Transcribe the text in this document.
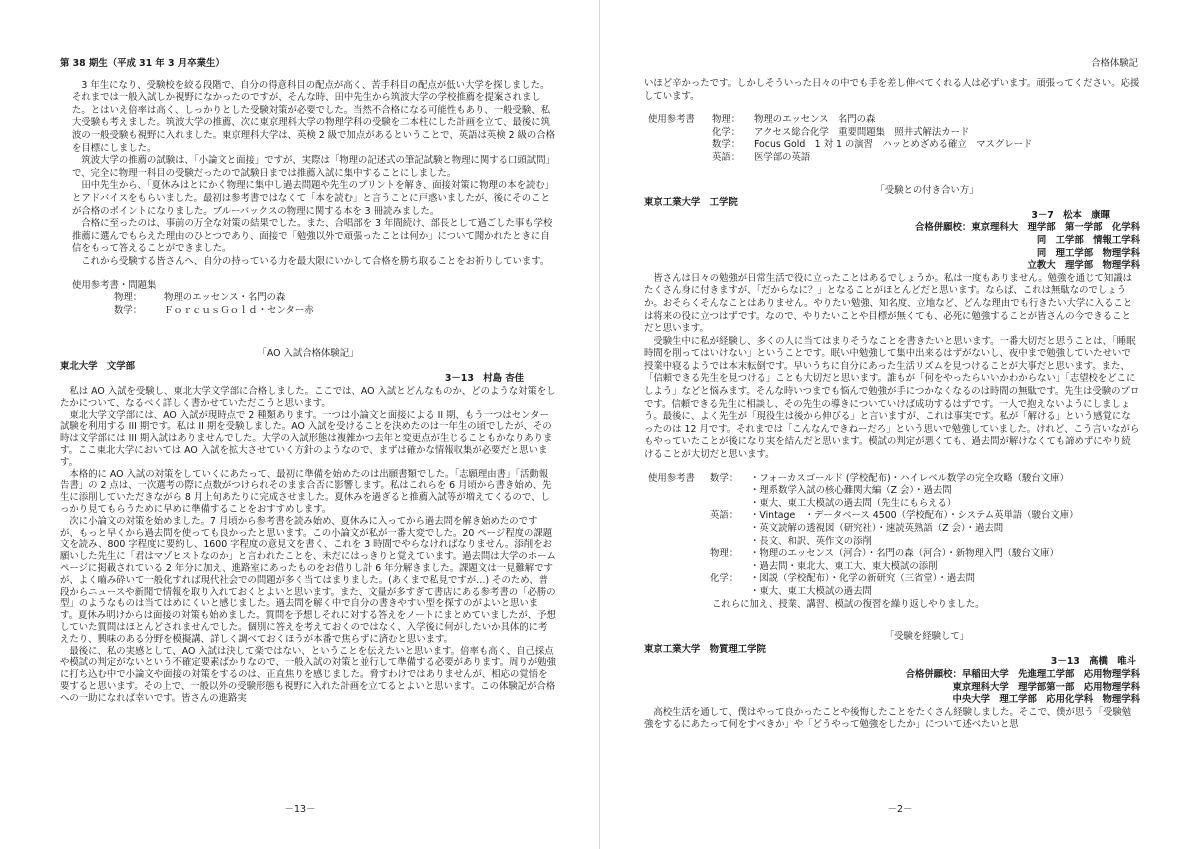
第 38 期生（平成 31 年 3 月卒業生）

3 年生になり、受験校を絞る段階で、自分の得意科目の配点が高く、苦手科目の配点が低い大学を探しました。それまでは一般入試しか視野になかったのですが、そんな時、田中先生から筑波大学の学校推薦を提案されました。とはいえ倍率は高く、しっかりとした受験対策が必要でした。当然不合格になる可能性もあり、一般受験、私大受験も考えました。筑波大学の推薦、次に東京理科大学の物理学科の受験を二本柱にした計画を立て、最後に筑波の一般受験も視野に入れました。東京理科大学は、英検 2 級で加点があるということで、英語は英検 2 級の合格を目標にしました。

筑波大学の推薦の試験は、「小論文と面接」ですが、実際は「物理の記述式の筆記試験と物理に関する口頭試問」で、完全に物理一科目の受験だったので試験日までは推薦入試に集中することにしました。

田中先生から、「夏休みはとにかく物理に集中し過去問題や先生のプリントを解き、面接対策に物理の本を読む」とアドバイスをもらいました。最初は参考書ではなくて「本を読む」と言うことに戸惑いましたが、後にそのことが合格のポイントになりました。ブルーバックスの物理に関する本を 3 冊読みました。

合格に至ったのは、事前の万全な対策の結果でした。また、合唱部を 3 年間続け、部長として過ごした事も学校推薦に選んでもらえた理由のひとつであり、面接で「勉強以外で頑張ったことは何か」について聞かれたときに自信をもって答えることができました。

これから受験する皆さんへ、自分の持っている力を最大限にいかして合格を勝ち取ることをお祈りしています。

使用参考書・問題集

物理：	物理のエッセンス・名門の森
数学：	ＦｏｒｃｕｓＧｏｌｄ・センター赤

「AO 入試合格体験記」

東北大学　文学部

3－13　村島 杏佳

私は AO 入試を受験し、東北大学文学部に合格しました。ここでは、AO 入試とどんなものか、どのような対策をしたかについて、なるべく詳しく書かせていただこうと思います。

東北大学文学部には、AO 入試が現時点で 2 種類あります。一つは小論文と面接による II 期、もう一つはセンター試験を利用する III 期です。私は II 期を受験しました。AO 入試を受けることを決めたのは一年生の頃でしたが、その時は文学部には III 期入試はありませんでした。大学の入試形態は複雑かつ去年と変更点が生じることもかなりあります。ここ東北大学においては AO 入試を拡大させていく方針のようなので、まずは確かな情報収集が必要だと思います。

本格的に AO 入試の対策をしていくにあたって、最初に準備を始めたのは出願書類でした。「志願理由書」「活動報告書」の 2 点は、一次選考の際に点数がつけられそのまま合否に影響します。私はこれらを 6 月頃から書き始め、先生に添削していただきながら 8 月上旬あたりに完成させました。夏休みを過ぎると推薦入試等が増えてくるので、しっかり見てもらうために早めに準備することをおすすめします。

次に小論文の対策を始めました。7 月頃から参考書を読み始め、夏休みに入ってから過去問を解き始めたのですが、もっと早くから過去問を使っても良かったと思います。この小論文が私が一番大変でした。20 ページ程度の課題文を読み、800 字程度に要約し、1600 字程度の意見文を書く、これを 3 時間でやらなければなりません。添削をお願いした先生に「君はマゾヒストなのか」と言われたことを、未だにはっきりと覚えています。過去問は大学のホームページに掲載されている 2 年分に加え、進路室にあったものをお借りし計 6 年分解きました。課題文は一見難解ですが、よく嚙み砕いて一般化すれば現代社会での問題が多く当てはまりました。(あくまで私見ですが…) そのため、普段からニュースや新聞で情報を取り入れておくとよいと思います。また、文量が多すぎて書店にある参考書の「必勝の型」のようなものは当てはめにくいと感じました。過去問を解く中で自分の書きやすい型を探すのがよいと思います。夏休み明けからは面接の対策も始めました。質問を予想しそれに対する答えをノートにまとめていましたが、予想していた質問はほとんどされませんでした。個別に答えを考えておくのではなく、入学後に何がしたいか具体的に考えたり、興味のある分野を模擬講、詳しく調べておくほうが本番で焦らずに済むと思います。

最後に、私の実感として、AO 入試は決して楽ではない、ということを伝えたいと思います。倍率も高く、自己採点や模試の判定がないという不確定要素ばかりなので、一般入試の対策と並行して準備する必要があります。周りが勉強に打ち込む中で小論文や面接の対策をするのは、正直焦りを感じました。脅すわけではありませんが、相応の覚悟を要すると思います。その上で、一般以外の受験形態も視野に入れた計画を立てるとよいと思います。この体験記が合格への一助になれば幸いです。皆さんの進路実

－13－
合格体験記

いほど辛かったです。しかしそういった日々の中でも手を差し伸べてくれる人は必ずいます。頑張ってください。応援しています。

使用参考書	物理：	物理のエッセンス　名門の森
化学：	アクセス総合化学　重要問題集　照井式解法カード
数学：	Focus Gold　1 対 1 の演習　ハッとめざめる確立　マスグレード
英語：	医学部の英語

「受験との付き合い方」

東京工業大学　工学院

3－7　松本　康暉

合格併願校：東京理科大　理学部　第一学部　化学科

同　工学部　情報工学科

同　理工学部　物理学科

立教大　理学部　物理学科

皆さんは日々の勉強が日常生活で役に立ったことはあるでしょうか。私は一度もありません。勉強を通じて知識はたくさん身に付きますが、「だからなに？」となることがほとんどだと思います。ならば、これは無駄なのでしょうか。おそらくそんなことはありません。やりたい勉強、知名度、立地など、どんな理由でも行きたい大学に入ることは将来の役に立つはずです。なので、やりたいことや目標が無くても、必死に勉強することが皆さんの今できることだと思います。

受験生中に私が経験し、多くの人に当てはまりそうなことを書きたいと思います。一番大切だと思うことは、「睡眠時間を削ってはいけない」ということです。眠い中勉強して集中出来るはずがないし、夜中まで勉強していたせいで授業中寝るようでは本末転倒です。早いうちに自分にあった生活リズムを見つけることが大事だと思います。また、「信頼できる先生を見つける」ことも大切だと思います。誰もが「何をやったらいいかわからない」「志望校をどこにしよう」などと悩みます。そんな時いつまでも悩んで勉強が手につかなくなるのは時間の無駄です。先生は受験のプロです。信頼できる先生に相談し、その先生の導きについていけば成功するはずです。一人で抱えないようにしましょう。最後に、よく先生が「現役生は後から伸びる」と言いますが、これは事実です。私が「解ける」という感覚になったのは 12 月です。それまでは「こんなんできねーだろ」という思いで勉強していました。けれど、こう言いながらもやっていたことが後になり実を結んだと思います。模試の判定が悪くても、過去問が解けなくても諦めずにやり続けることが大切だと思います。

使用参考書	数学：	・フォーカスゴールド (学校配布)・ハイレベル数学の完全攻略（駿台文庫）
・理系数学入試の核心難関大編（Z 会）・過去問
・東大、東工大模試の過去問（先生にもらえる）
英語：	・Vintage　・データベース 4500（学校配布）・システム英単語（駿台文庫）
・英文読解の透視図（研究社）・速読英熟語（Z 会）・過去問
・長文、和訳、英作文の添削
物理：	・物理のエッセンス（河合）・名門の森（河合）・新物理入門（駿台文庫）
・過去問・東北大、東工大、東大模試の添削
化学：	・図説（学校配布）・化学の新研究（三省堂）・過去問
・東大、東工大模試の過去問

これらに加え、授業、講習、模試の復習を繰り返しやりました。

「受験を経験して」

東京工業大学　物質理工学院

3－13　高橋　唯斗

合格併願校：早稲田大学　先進理工学部　応用物理学科

東京理科大学　理学部第一部　応用物理学科

中央大学　理工学部　応用化学科　物理学科

高校生活を通して、僕はやって良かったことや後悔したことをたくさん経験しました。そこで、僕が思う「受験勉強をするにあたって何をすべきか」や「どうやって勉強をしたか」について述べたいと思

－2－
